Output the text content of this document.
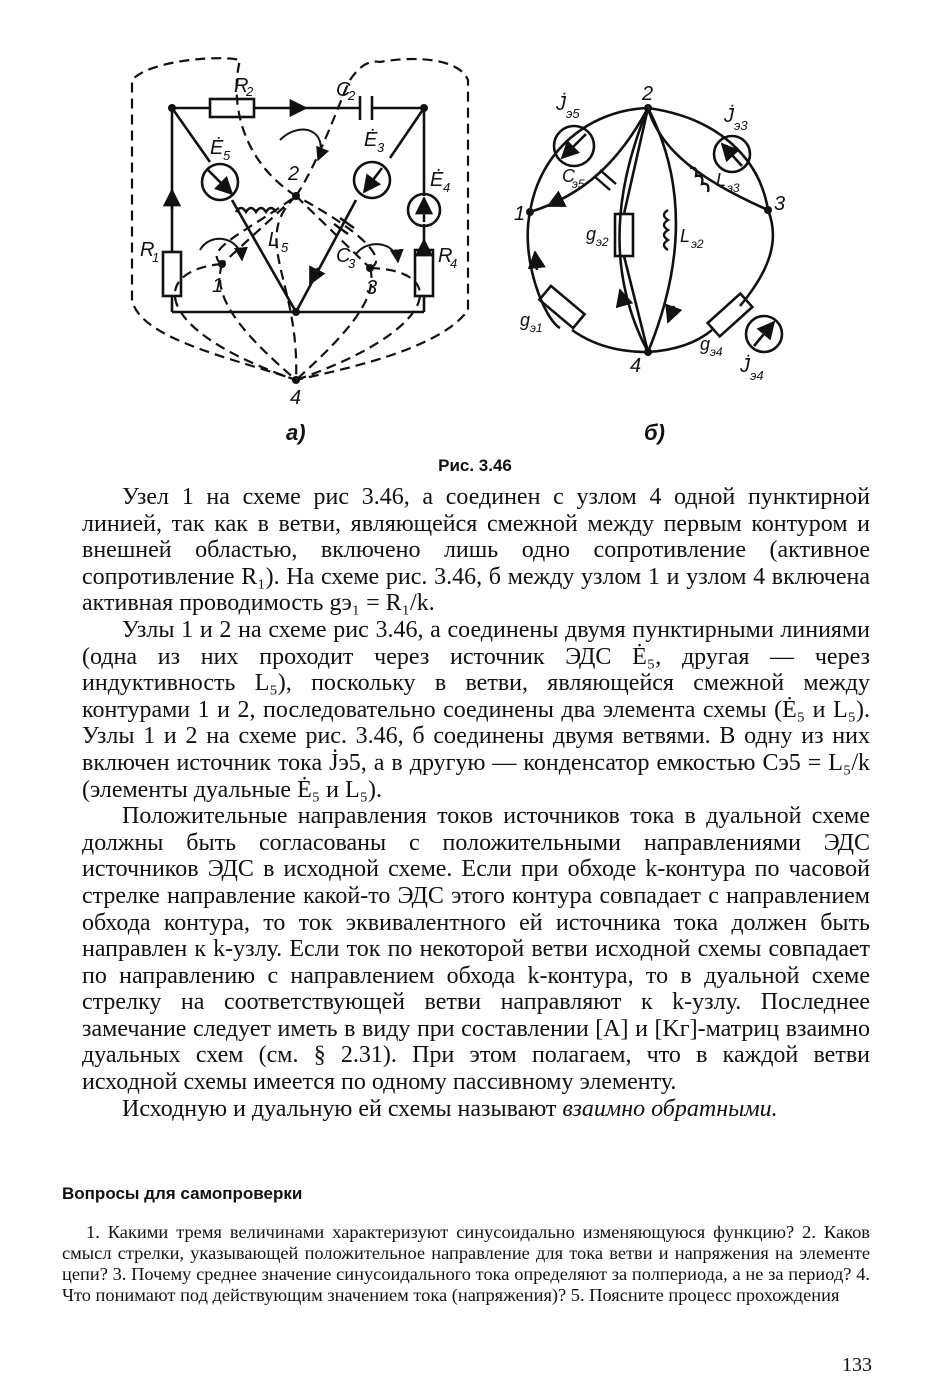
R
2	C
2
Ė 5
Ė 3
Ė 4
L 5 C
3
R
1	R
4
1
2
3
4
а)
J̇ э5	J̇ э3
C
э5	L э3
g э2	L э2
g э1
g э4
J̇ э4
1
2
3
4
б)
Рис. 3.46

Узел 1 на схеме рис 3.46, а соединен с узлом 4 одной пунктирной линией, так как в ветви, являющейся смежной между первым контуром и внешней областью, включено лишь одно сопротивление (активное сопротивление R₁). На схеме рис. 3.46, б между узлом 1 и узлом 4 включена активная проводимость gэ₁ = R₁/k.

Узлы 1 и 2 на схеме рис 3.46, а соединены двумя пунктирными линиями (одна из них проходит через источник ЭДС Ė₅, другая — через индуктивность L₅), поскольку в ветви, являющейся смежной между контурами 1 и 2, последовательно соединены два элемента схемы (Ė₅ и L₅). Узлы 1 и 2 на схеме рис. 3.46, б соединены двумя ветвями. В одну из них включен источник тока J̇э5, а в другую — конденсатор емкостью Cэ5 = L₅/k (элементы дуальные Ė₅ и L₅).

Положительные направления токов источников тока в дуальной схеме должны быть согласованы с положительными направлениями ЭДС источников ЭДС в исходной схеме. Если при обходе k-контура по часовой стрелке направление какой-то ЭДС этого контура совпадает с направлением обхода контура, то ток эквивалентного ей источника тока должен быть направлен к k-узлу. Если ток по некоторой ветви исходной схемы совпадает по направлению с направлением обхода k-контура, то в дуальной схеме стрелку на соответствующей ветви направляют к k-узлу. Последнее замечание следует иметь в виду при составлении [A] и [Kг]-матриц взаимно дуальных схем (см. § 2.31). При этом полагаем, что в каждой ветви исходной схемы имеется по одному пассивному элементу.

Исходную и дуальную ей схемы называют взаимно обратными.

Вопросы для самопроверки
1. Какими тремя величинами характеризуют синусоидально изменяющуюся функцию? 2. Каков смысл стрелки, указывающей положительное направление для тока ветви и напряжения на элементе цепи? 3. Почему среднее значение синусоидального тока определяют за полпериода, а не за период? 4. Что понимают под действующим значением тока (напряжения)? 5. Поясните процесс прохождения
133
